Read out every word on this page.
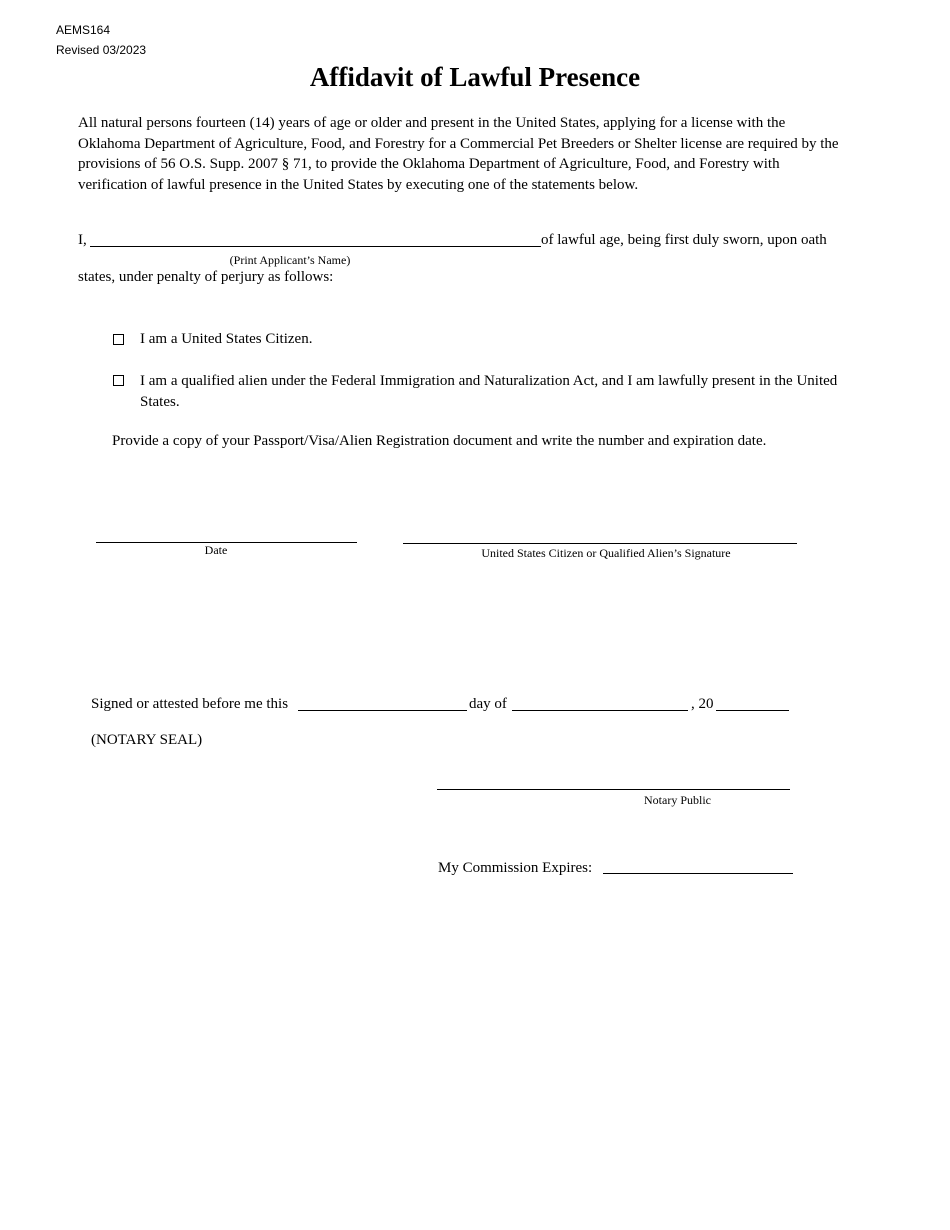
AEMS164
Revised 03/2023
Affidavit of Lawful Presence
All natural persons fourteen (14) years of age or older and present in the United States, applying for a license with the Oklahoma Department of Agriculture, Food, and Forestry for a Commercial Pet Breeders or Shelter license are required by the provisions of 56 O.S. Supp. 2007 § 71, to provide the Oklahoma Department of Agriculture, Food, and Forestry with verification of lawful presence in the United States by executing one of the statements below.
I,	of lawful age, being first duly sworn, upon oath
(Print Applicant’s Name)
states, under penalty of perjury as follows:
I am a United States Citizen.
I am a qualified alien under the Federal Immigration and Naturalization Act, and I am lawfully present in the United States.
Provide a copy of your Passport/Visa/Alien Registration document and write the number and expiration date.
Date	United States Citizen or Qualified Alien’s Signature
Signed or attested before me this	day of	, 20
(NOTARY SEAL)
Notary Public
My Commission Expires:
